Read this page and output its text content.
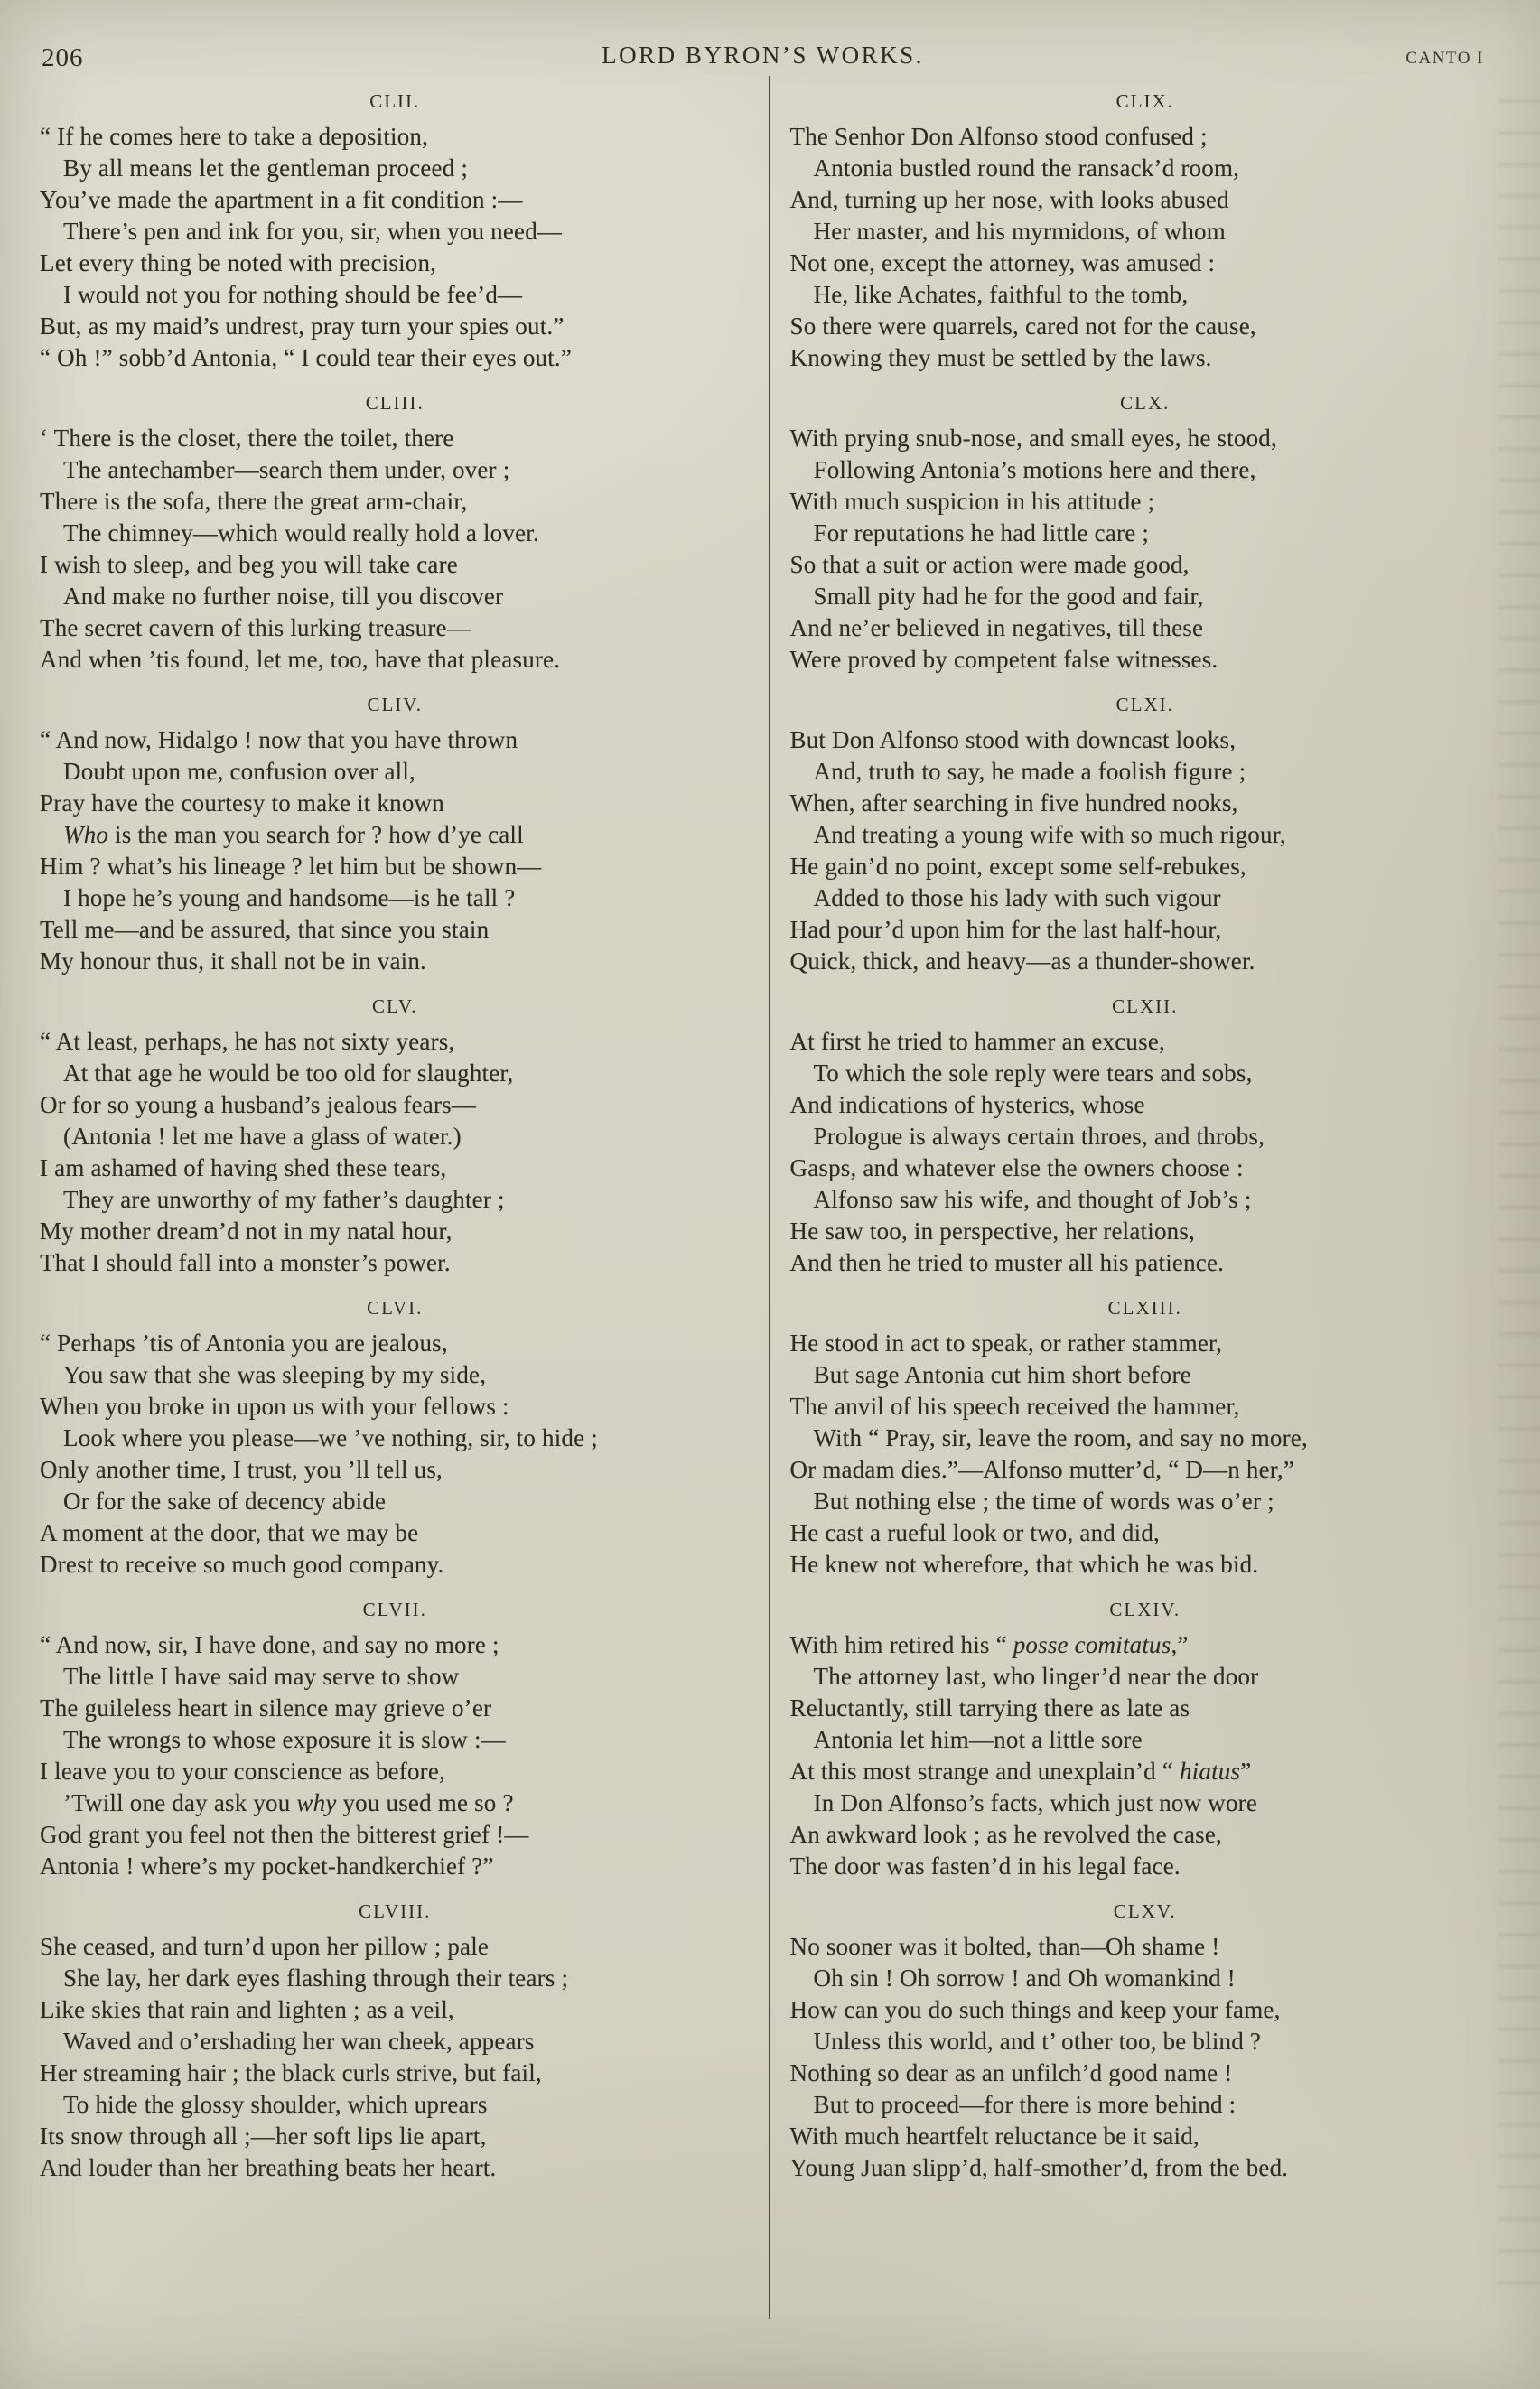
206	LORD BYRON’S WORKS.	CANTO I
CLII.
“ If he comes here to take a deposition,
By all means let the gentleman proceed ;
You’ve made the apartment in a fit condition :—
There’s pen and ink for you, sir, when you need—
Let every thing be noted with precision,
I would not you for nothing should be fee’d—
But, as my maid’s undrest, pray turn your spies out.”
“ Oh !” sobb’d Antonia, “ I could tear their eyes out.”
CLIII.
‘ There is the closet, there the toilet, there
The antechamber—search them under, over ;
There is the sofa, there the great arm-chair,
The chimney—which would really hold a lover.
I wish to sleep, and beg you will take care
And make no further noise, till you discover
The secret cavern of this lurking treasure—
And when ’tis found, let me, too, have that pleasure.
CLIV.
“ And now, Hidalgo ! now that you have thrown
Doubt upon me, confusion over all,
Pray have the courtesy to make it known
Who is the man you search for ? how d’ye call
Him ? what’s his lineage ? let him but be shown—
I hope he’s young and handsome—is he tall ?
Tell me—and be assured, that since you stain
My honour thus, it shall not be in vain.
CLV.
“ At least, perhaps, he has not sixty years,
At that age he would be too old for slaughter,
Or for so young a husband’s jealous fears—
(Antonia ! let me have a glass of water.)
I am ashamed of having shed these tears,
They are unworthy of my father’s daughter ;
My mother dream’d not in my natal hour,
That I should fall into a monster’s power.
CLVI.
“ Perhaps ’tis of Antonia you are jealous,
You saw that she was sleeping by my side,
When you broke in upon us with your fellows :
Look where you please—we ’ve nothing, sir, to hide ;
Only another time, I trust, you ’ll tell us,
Or for the sake of decency abide
A moment at the door, that we may be
Drest to receive so much good company.
CLVII.
“ And now, sir, I have done, and say no more ;
The little I have said may serve to show
The guileless heart in silence may grieve o’er
The wrongs to whose exposure it is slow :—
I leave you to your conscience as before,
’Twill one day ask you why you used me so ?
God grant you feel not then the bitterest grief !—
Antonia ! where’s my pocket-handkerchief ?”
CLVIII.
She ceased, and turn’d upon her pillow ; pale
She lay, her dark eyes flashing through their tears ;
Like skies that rain and lighten ; as a veil,
Waved and o’ershading her wan cheek, appears
Her streaming hair ; the black curls strive, but fail,
To hide the glossy shoulder, which uprears
Its snow through all ;—her soft lips lie apart,
And louder than her breathing beats her heart.
CLIX.
The Senhor Don Alfonso stood confused ;
Antonia bustled round the ransack’d room,
And, turning up her nose, with looks abused
Her master, and his myrmidons, of whom
Not one, except the attorney, was amused :
He, like Achates, faithful to the tomb,
So there were quarrels, cared not for the cause,
Knowing they must be settled by the laws.
CLX.
With prying snub-nose, and small eyes, he stood,
Following Antonia’s motions here and there,
With much suspicion in his attitude ;
For reputations he had little care ;
So that a suit or action were made good,
Small pity had he for the good and fair,
And ne’er believed in negatives, till these
Were proved by competent false witnesses.
CLXI.
But Don Alfonso stood with downcast looks,
And, truth to say, he made a foolish figure ;
When, after searching in five hundred nooks,
And treating a young wife with so much rigour,
He gain’d no point, except some self-rebukes,
Added to those his lady with such vigour
Had pour’d upon him for the last half-hour,
Quick, thick, and heavy—as a thunder-shower.
CLXII.
At first he tried to hammer an excuse,
To which the sole reply were tears and sobs,
And indications of hysterics, whose
Prologue is always certain throes, and throbs,
Gasps, and whatever else the owners choose :
Alfonso saw his wife, and thought of Job’s ;
He saw too, in perspective, her relations,
And then he tried to muster all his patience.
CLXIII.
He stood in act to speak, or rather stammer,
But sage Antonia cut him short before
The anvil of his speech received the hammer,
With “ Pray, sir, leave the room, and say no more,
Or madam dies.”—Alfonso mutter’d, “ D—n her,”
But nothing else ; the time of words was o’er ;
He cast a rueful look or two, and did,
He knew not wherefore, that which he was bid.
CLXIV.
With him retired his “ posse comitatus,”
The attorney last, who linger’d near the door
Reluctantly, still tarrying there as late as
Antonia let him—not a little sore
At this most strange and unexplain’d “ hiatus”
In Don Alfonso’s facts, which just now wore
An awkward look ; as he revolved the case,
The door was fasten’d in his legal face.
CLXV.
No sooner was it bolted, than—Oh shame !
Oh sin ! Oh sorrow ! and Oh womankind !
How can you do such things and keep your fame,
Unless this world, and t’ other too, be blind ?
Nothing so dear as an unfilch’d good name !
But to proceed—for there is more behind :
With much heartfelt reluctance be it said,
Young Juan slipp’d, half-smother’d, from the bed.
